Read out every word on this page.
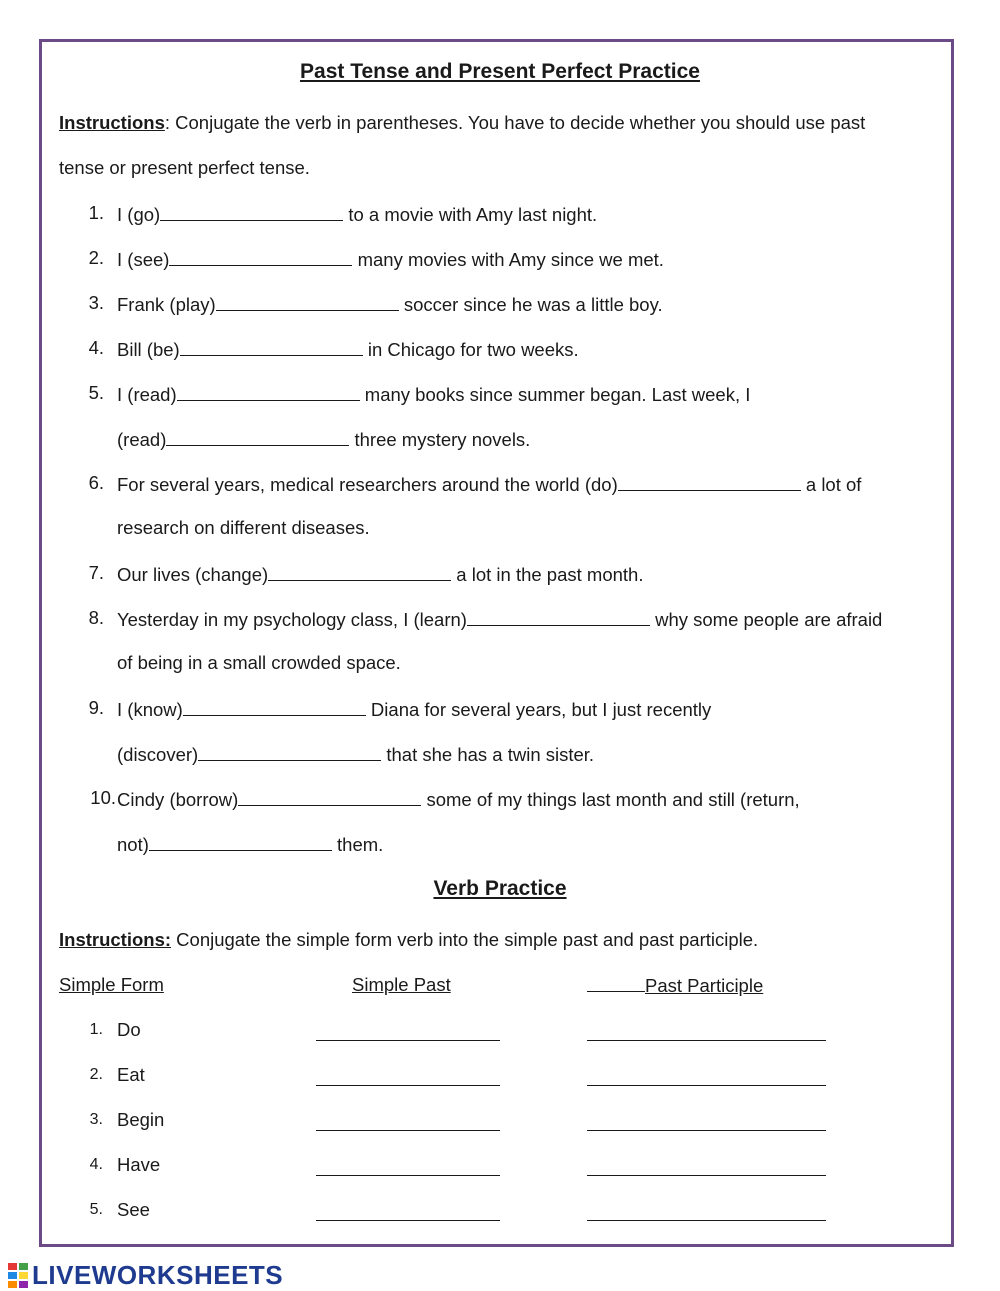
Past Tense and Present Perfect Practice
Instructions: Conjugate the verb in parentheses. You have to decide whether you should use past
tense or present perfect tense.
1. I (go)	to a movie with Amy last night.
2. I (see)	many movies with Amy since we met.
3. Frank (play)	soccer since he was a little boy.
4. Bill (be)	in Chicago for two weeks.
5. I (read)	many books since summer began. Last week, I
(read)	three mystery novels.
6. For several years, medical researchers around the world (do)	a lot of
research on different diseases.
7. Our lives (change)	a lot in the past month.
8. Yesterday in my psychology class, I (learn)	why some people are afraid
of being in a small crowded space.
9. I (know)	Diana for several years, but I just recently
(discover)	that she has a twin sister.
10. Cindy (borrow)	some of my things last month and still (return,
not)	them.
Verb Practice
Instructions: Conjugate the simple form verb into the simple past and past participle.
Simple Form	Simple Past	Past Participle
1. Do
2. Eat
3. Begin
4. Have
5. See
LIVEWORKSHEETS
